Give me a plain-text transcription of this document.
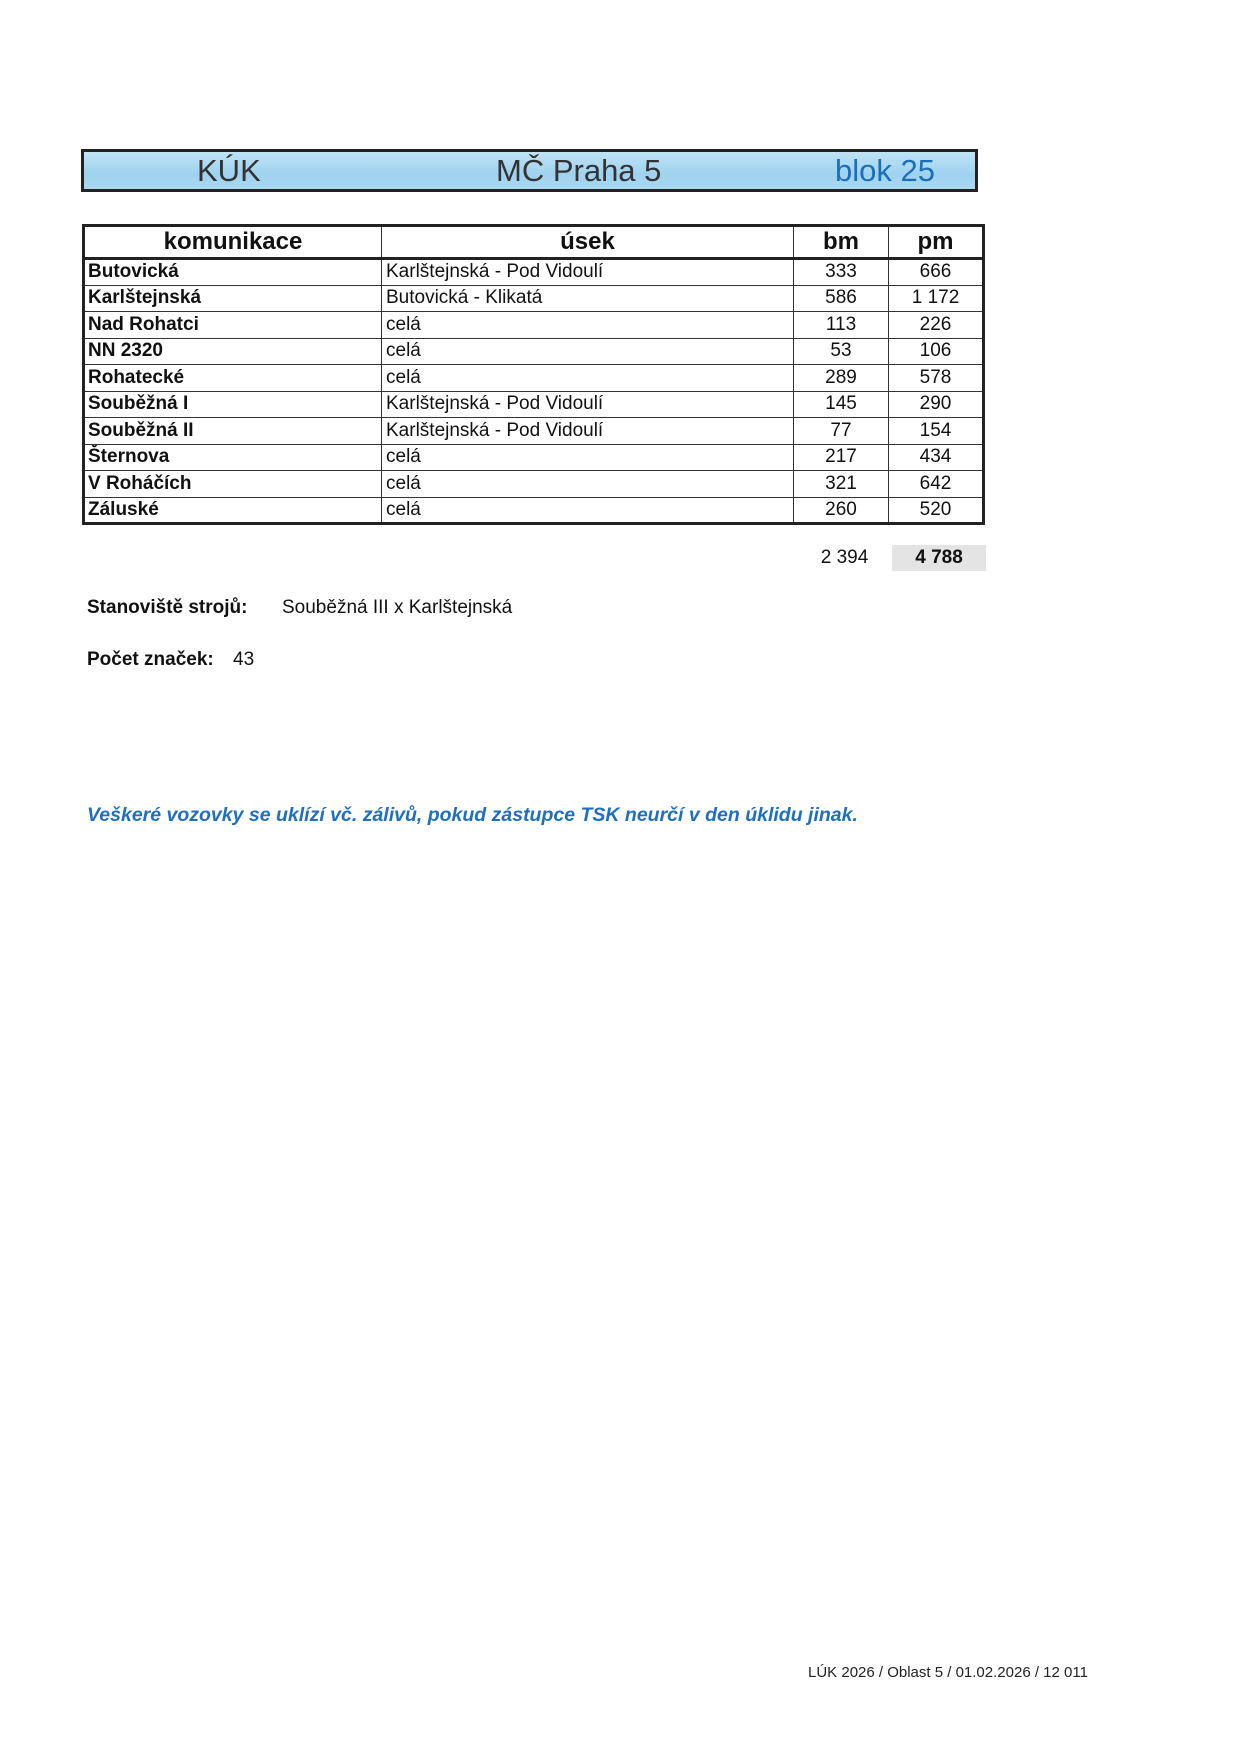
KÚK	MČ Praha 5	blok 25
komunikace	úsek	bm	pm
Butovická	Karlštejnská - Pod Vidoulí	333	666
Karlštejnská	Butovická - Klikatá	586	1 172
Nad Rohatci	celá	113	226
NN 2320	celá	53	106
Rohatecké	celá	289	578
Souběžná I	Karlštejnská - Pod Vidoulí	145	290
Souběžná II	Karlštejnská - Pod Vidoulí	77	154
Šternova	celá	217	434
V Roháčích	celá	321	642
Záluské	celá	260	520
2 394	4 788
Stanoviště strojů: Souběžná III x Karlštejnská
Počet značek: 43
Veškeré vozovky se uklízí vč. zálivů, pokud zástupce TSK neurčí v den úklidu jinak.
LÚK 2026 / Oblast 5 / 01.02.2026 / 12 011
